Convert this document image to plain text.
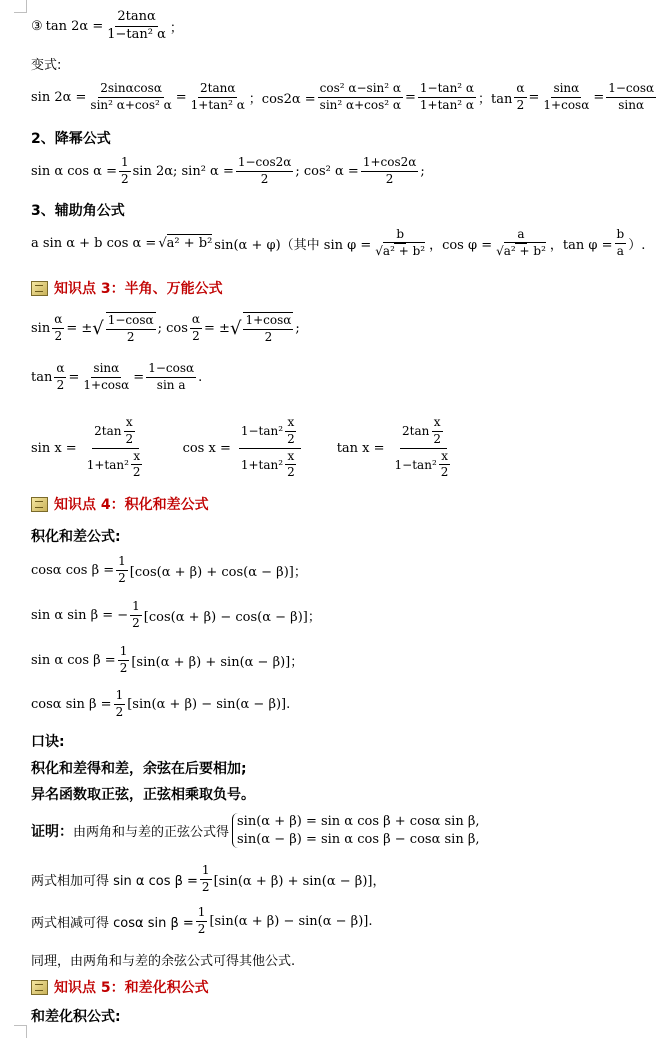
③ $\tan 2\alpha = \frac{2\tan\alpha}{\text{1−tan² α}}$ ；
变式:
$\sin 2\alpha = \frac{2\sin\alpha\cos\alpha}{\text{sin² α+cos² α}} = \frac{2\tan\alpha}{\text{1+tan² α}}$ ；$\cos 2\alpha = \frac{\text{cos² α−sin² α}}{\text{sin² α+cos² α}} = \frac{\text{1−tan² α}}{\text{1+tan² α}}$ ；$\tan \frac{\alpha}{2} = \frac{\sin\alpha}{1+\cos\alpha} = \frac{1-\cos\alpha}{\sin\alpha}$
2、降幂公式
sin α $\cos \alpha = \frac{1}{2}$ sin 2α; sin² $\alpha = \frac{1-\cos 2\alpha}{2}$ ; cos² $\alpha = \frac{1+\cos 2\alpha}{2}$ ;
3、辅助角公式
a sin α + b cos α = √a² + b² sin(α + φ)（其中 $\sin \varphi = \frac{b}{\text{√a² + b²}}$ ，$\cos \varphi = \frac{a}{\text{√a² + b²}}$ ，$\tan \varphi = \frac{b}{a}$ ）.
知识点 3：半角、万能公式
$\sin \frac{\alpha}{2}$ = ± √ $\frac{1-\cos\alpha}{2}$ ; $\cos \frac{\alpha}{2}$ = ± √ $\frac{1+\cos\alpha}{2}$ ;
$\tan \frac{\alpha}{2} = \frac{\sin\alpha}{1+\cos\alpha} = \frac{1-\cos\alpha}{\text{sin a}}$ .
$\sin x = \frac{2\tan \frac{x}{2}}{1+\tan^2 \frac{x}{2}}$	$\cos x = \frac{1-\tan^2 \frac{x}{2}}{1+\tan^2 \frac{x}{2}}$	$\tan x = \frac{2\tan \frac{x}{2}}{1-\tan^2 \frac{x}{2}}$
知识点 4：积化和差公式
积化和差公式:
cosα $\cos \beta = \frac{1}{2} [\cos(\alpha + \beta) + \cos(\alpha - \beta)]$；
sin α sin β = − $\frac{1}{2} [\cos(\alpha + \beta) - \cos(\alpha - \beta)]$；
sin α $\cos \beta = \frac{1}{2} [\sin(\alpha + \beta) + \sin(\alpha - \beta)]$；
cosα $\sin \beta = \frac{1}{2} [\sin(\alpha + \beta) - \sin(\alpha - \beta)]$.
口诀:
积化和差得和差，余弦在后要相加;
异名函数取正弦，正弦相乘取负号。
证明： 由两角和与差的正弦公式得
sin(α + β) = sin α cos β + cosα sin β,
sin(α − β) = sin α cos β − cosα sin β,
两式相加可得 sin α $\cos \beta = \frac{1}{2} [\sin(\alpha + \beta) + \sin(\alpha - \beta)]$，
两式相减可得 cosα $\sin \beta = \frac{1}{2} [\sin(\alpha + \beta) - \sin(\alpha - \beta)]$.
同理，由两角和与差的余弦公式可得其他公式.
知识点 5：和差化积公式
和差化积公式:
